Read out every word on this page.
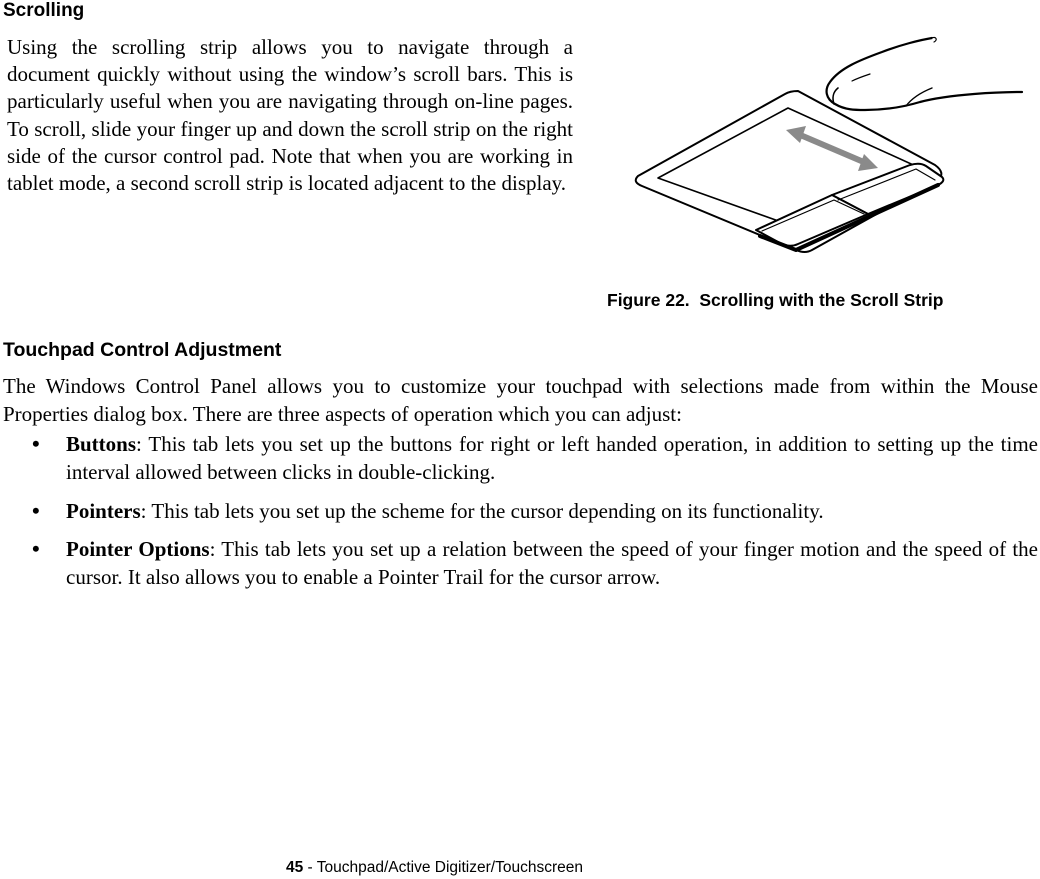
Scrolling

Using the scrolling strip allows you to navigate through a document quickly without using the window’s scroll bars. This is particularly useful when you are navigating through on-line pages. To scroll, slide your finger up and down the scroll strip on the right side of the cursor control pad. Note that when you are working in tablet mode, a second scroll strip is located adjacent to the display.

Figure 22.  Scrolling with the Scroll Strip

Touchpad Control Adjustment

The Windows Control Panel allows you to customize your touchpad with selections made from within the Mouse Properties dialog box. There are three aspects of operation which you can adjust:

• Buttons: This tab lets you set up the buttons for right or left handed operation, in addition to setting up the time interval allowed between clicks in double-clicking.
• Pointers: This tab lets you set up the scheme for the cursor depending on its functionality.
• Pointer Options: This tab lets you set up a relation between the speed of your finger motion and the speed of the cursor. It also allows you to enable a Pointer Trail for the cursor arrow.

45 - Touchpad/Active Digitizer/Touchscreen
